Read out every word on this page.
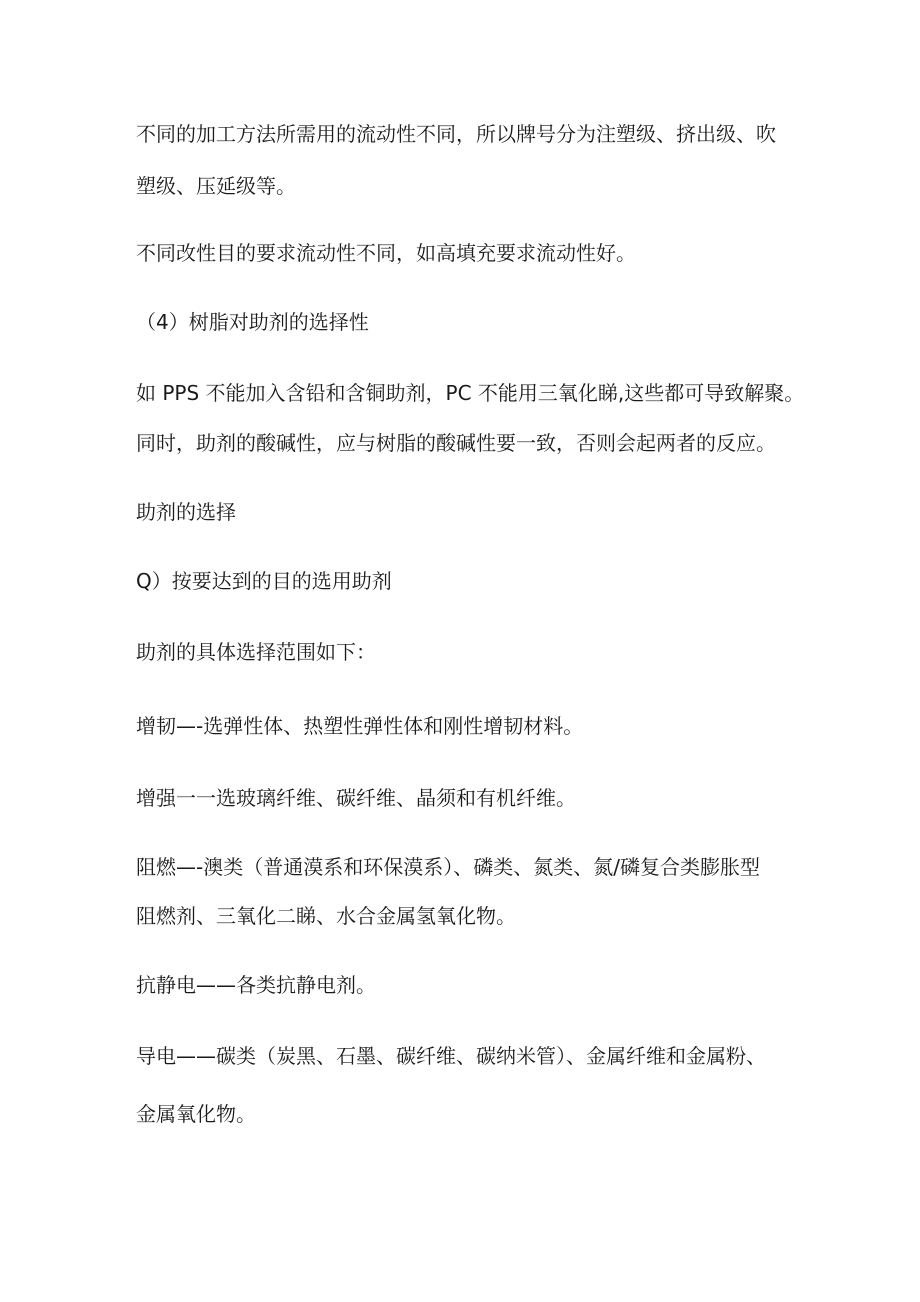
不同的加工方法所需用的流动性不同，所以牌号分为注塑级、挤出级、吹
塑级、压延级等。
不同改性目的要求流动性不同，如高填充要求流动性好。
（4）树脂对助剂的选择性
如 PPS 不能加入含铅和含铜助剂，PC 不能用三氧化睇,这些都可导致解聚。
同时，助剂的酸碱性，应与树脂的酸碱性要一致，否则会起两者的反应。
助剂的选择
Q）按要达到的目的选用助剂
助剂的具体选择范围如下：
增韧—-选弹性体、热塑性弹性体和刚性增韧材料。
增强一一选玻璃纤维、碳纤维、晶须和有机纤维。
阻燃—-澳类（普通漠系和环保漠系）、磷类、氮类、氮/磷复合类膨胀型
阻燃剂、三氧化二睇、水合金属氢氧化物。
抗静电——各类抗静电剂。
导电——碳类（炭黑、石墨、碳纤维、碳纳米管）、金属纤维和金属粉、
金属氧化物。
